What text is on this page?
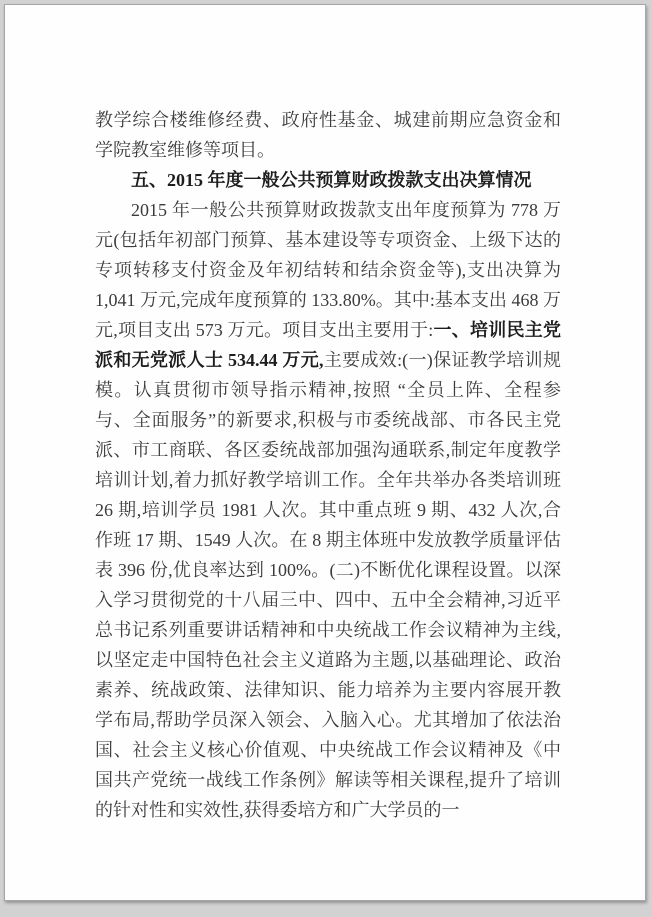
教学综合楼维修经费、政府性基金、城建前期应急资金和学院教室维修等项目。

五、2015 年度一般公共预算财政拨款支出决算情况

2015 年一般公共预算财政拨款支出年度预算为 778 万元(包括年初部门预算、基本建设等专项资金、上级下达的专项转移支付资金及年初结转和结余资金等),支出决算为 1,041 万元,完成年度预算的 133.80%。其中:基本支出 468 万元,项目支出 573 万元。项目支出主要用于:一、培训民主党派和无党派人士 534.44 万元,主要成效:(一)保证教学培训规模。认真贯彻市领导指示精神,按照 “全员上阵、全程参与、全面服务”的新要求,积极与市委统战部、市各民主党派、市工商联、各区委统战部加强沟通联系,制定年度教学培训计划,着力抓好教学培训工作。全年共举办各类培训班 26 期,培训学员 1981 人次。其中重点班 9 期、432 人次,合作班 17 期、1549 人次。在 8 期主体班中发放教学质量评估表 396 份,优良率达到 100%。(二)不断优化课程设置。以深入学习贯彻党的十八届三中、四中、五中全会精神,习近平总书记系列重要讲话精神和中央统战工作会议精神为主线,以坚定走中国特色社会主义道路为主题,以基础理论、政治素养、统战政策、法律知识、能力培养为主要内容展开教学布局,帮助学员深入领会、入脑入心。尤其增加了依法治国、社会主义核心价值观、中央统战工作会议精神及《中国共产党统一战线工作条例》解读等相关课程,提升了培训的针对性和实效性,获得委培方和广大学员的一
